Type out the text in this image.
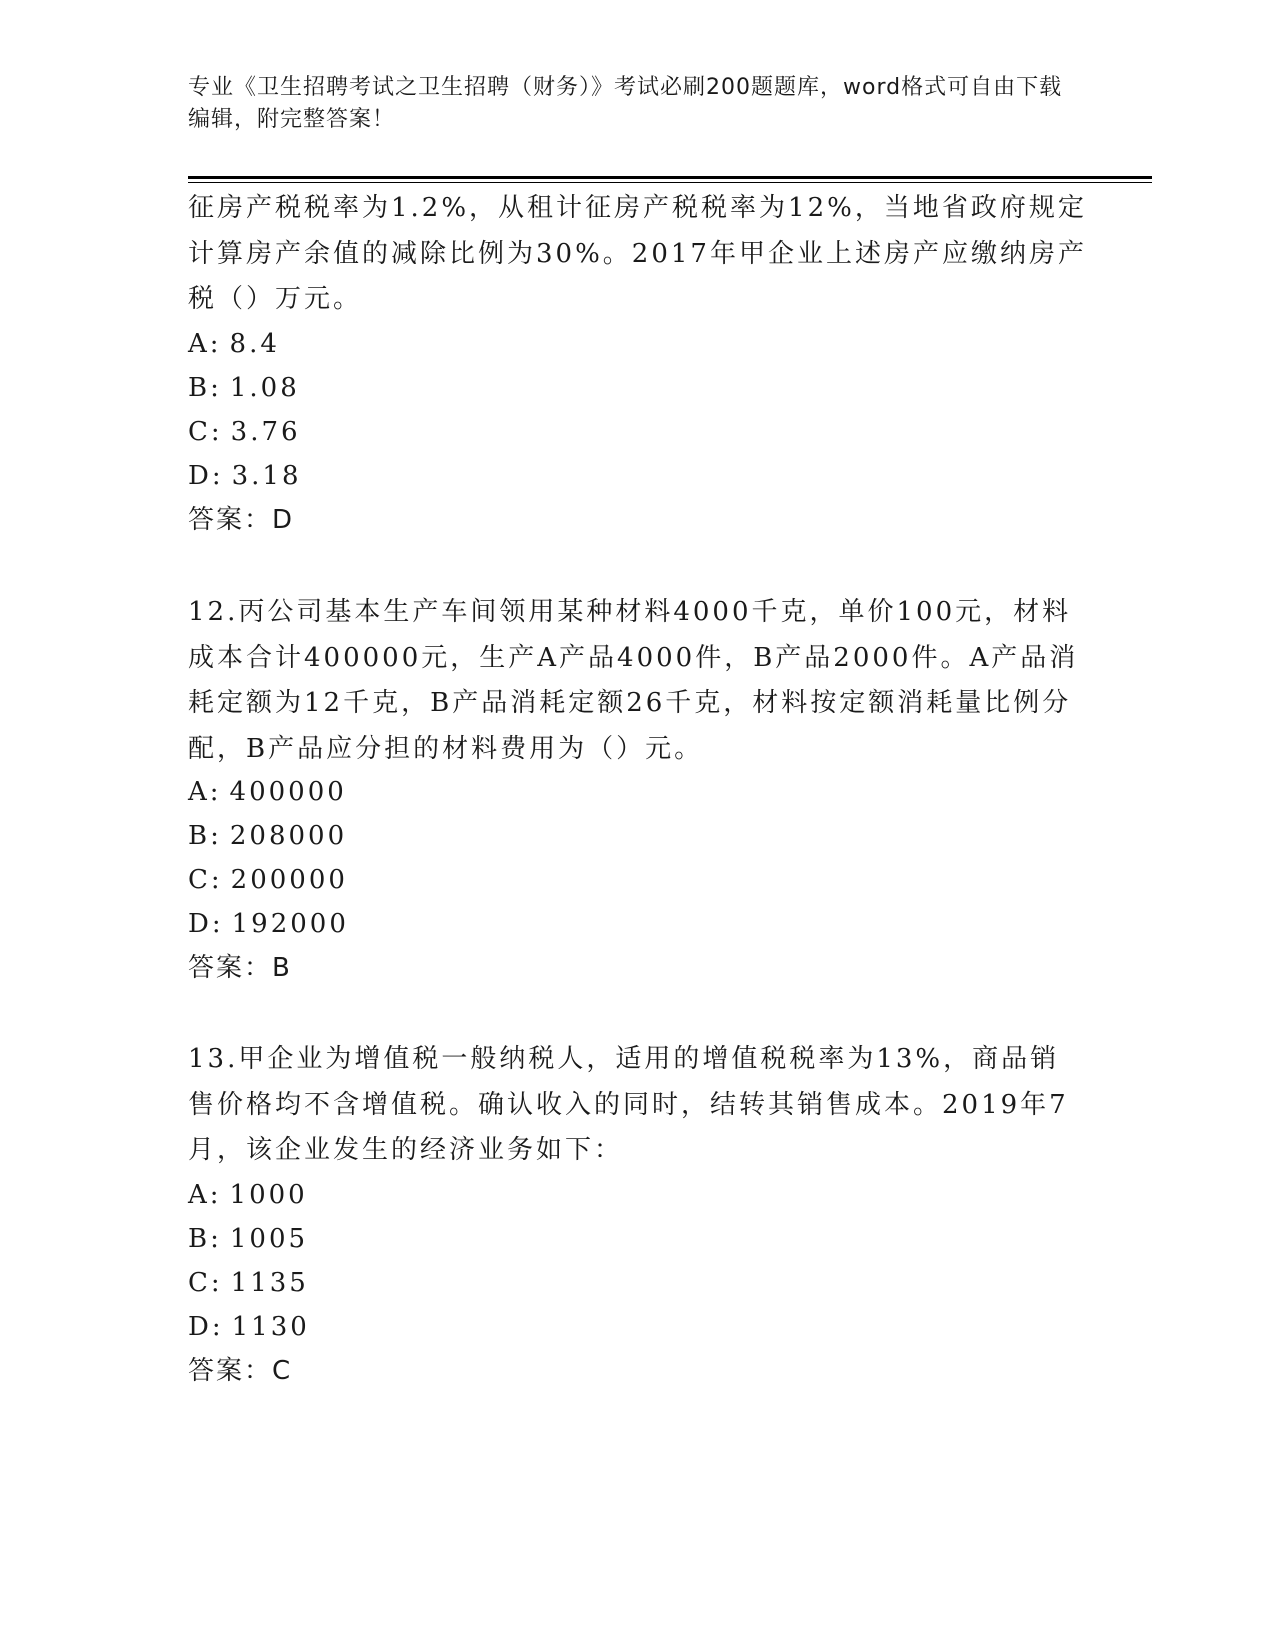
专业《卫生招聘考试之卫生招聘（财务）》考试必刷200题题库，word格式可自由下载编辑，附完整答案！
征房产税税率为1.2%，从租计征房产税税率为12%，当地省政府规定计算房产余值的减除比例为30%。2017年甲企业上述房产应缴纳房产税（）万元。
A: 8.4
B: 1.08
C: 3.76
D: 3.18
答案：D
12.丙公司基本生产车间领用某种材料4000千克，单价100元，材料成本合计400000元，生产A产品4000件，B产品2000件。A产品消耗定额为12千克，B产品消耗定额26千克，材料按定额消耗量比例分配，B产品应分担的材料费用为（）元。
A: 400000
B: 208000
C: 200000
D: 192000
答案：B
13.甲企业为增值税一般纳税人，适用的增值税税率为13%，商品销售价格均不含增值税。确认收入的同时，结转其销售成本。2019年7月，该企业发生的经济业务如下：
A: 1000
B: 1005
C: 1135
D: 1130
答案：C
